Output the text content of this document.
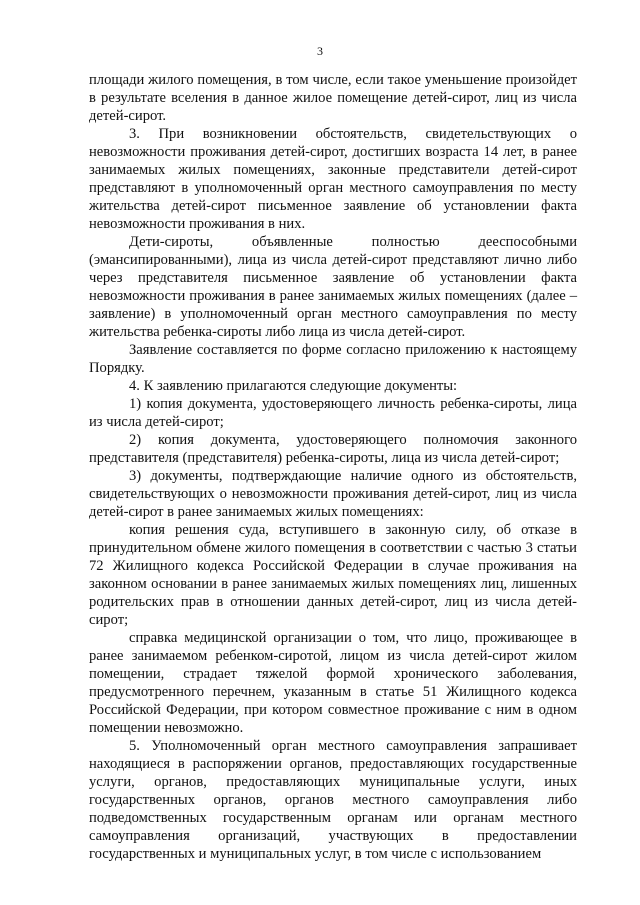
3

площади жилого помещения, в том числе, если такое уменьшение произойдет в результате вселения в данное жилое помещение детей-сирот, лиц из числа детей-сирот.

3. При возникновении обстоятельств, свидетельствующих о невозможности проживания детей-сирот, достигших возраста 14 лет, в ранее занимаемых жилых помещениях, законные представители детей-сирот представляют в уполномоченный орган местного самоуправления по месту жительства детей-сирот письменное заявление об установлении факта невозможности проживания в них.

Дети-сироты, объявленные полностью дееспособными (эмансипированными), лица из числа детей-сирот представляют лично либо через представителя письменное заявление об установлении факта невозможности проживания в ранее занимаемых жилых помещениях (далее – заявление) в уполномоченный орган местного самоуправления по месту жительства ребенка-сироты либо лица из числа детей-сирот.

Заявление составляется по форме согласно приложению к настоящему Порядку.

4. К заявлению прилагаются следующие документы:

1) копия документа, удостоверяющего личность ребенка-сироты, лица из числа детей-сирот;

2) копия документа, удостоверяющего полномочия законного представителя (представителя) ребенка-сироты, лица из числа детей-сирот;

3) документы, подтверждающие наличие одного из обстоятельств, свидетельствующих о невозможности проживания детей-сирот, лиц из числа детей-сирот в ранее занимаемых жилых помещениях:

копия решения суда, вступившего в законную силу, об отказе в принудительном обмене жилого помещения в соответствии с частью 3 статьи 72 Жилищного кодекса Российской Федерации в случае проживания на законном основании в ранее занимаемых жилых помещениях лиц, лишенных родительских прав в отношении данных детей-сирот, лиц из числа детей-сирот;

справка медицинской организации о том, что лицо, проживающее в ранее занимаемом ребенком-сиротой, лицом из числа детей-сирот жилом помещении, страдает тяжелой формой хронического заболевания, предусмотренного перечнем, указанным в статье 51 Жилищного кодекса Российской Федерации, при котором совместное проживание с ним в одном помещении невозможно.

5. Уполномоченный орган местного самоуправления запрашивает находящиеся в распоряжении органов, предоставляющих государственные услуги, органов, предоставляющих муниципальные услуги, иных государственных органов, органов местного самоуправления либо подведомственных государственным органам или органам местного самоуправления организаций, участвующих в предоставлении государственных и муниципальных услуг, в том числе с использованием
